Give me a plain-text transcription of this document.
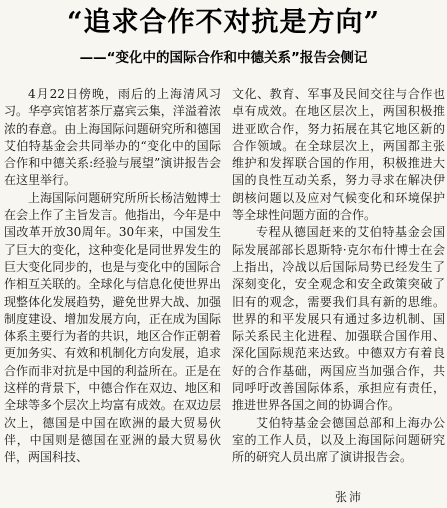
“追求合作不对抗是方向”
——“变化中的国际合作和中德关系”报告会侧记

4月22日傍晚，雨后的上海清风习习。华亭宾馆茗茶厅嘉宾云集，洋溢着浓浓的春意。由上海国际问题研究所和德国艾伯特基金会共同举办的“变化中的国际合作和中德关系:经验与展望”演讲报告会在这里举行。

上海国际问题研究所所长杨洁勉博士在会上作了主旨发言。他指出，今年是中国改革开放30周年。30年来，中国发生了巨大的变化，这种变化是同世界发生的巨大变化同步的，也是与变化中的国际合作相互关联的。全球化与信息化使世界出现整体化发展趋势，避免世界大战、加强制度建设、增加发展方向，正在成为国际体系主要行为者的共识，地区合作正朝着更加务实、有效和机制化方向发展，追求合作而非对抗是中国的利益所在。正是在这样的背景下，中德合作在双边、地区和全球等多个层次上均富有成效。在双边层次上，德国是中国在欧洲的最大贸易伙伴，中国则是德国在亚洲的最大贸易伙伴，两国科技、

文化、教育、军事及民间交往与合作也卓有成效。在地区层次上，两国积极推进亚欧合作，努力拓展在其它地区新的合作领域。在全球层次上，两国都主张维护和发挥联合国的作用，积极推进大国的良性互动关系，努力寻求在解决伊朗核问题以及应对气候变化和环境保护等全球性问题方面的合作。

专程从德国赶来的艾伯特基金会国际发展部部长恩斯特·克尔布什博士在会上指出，冷战以后国际局势已经发生了深刻变化，安全观念和安全政策突破了旧有的观念，需要我们具有新的思维。世界的和平发展只有通过多边机制、国际关系民主化进程、加强联合国作用、深化国际规范来达致。中德双方有着良好的合作基础，两国应当加强合作，共同呼吁改善国际体系，承担应有责任，推进世界各国之间的协调合作。

艾伯特基金会德国总部和上海办公室的工作人员，以及上海国际问题研究所的研究人员出席了演讲报告会。

张沛
